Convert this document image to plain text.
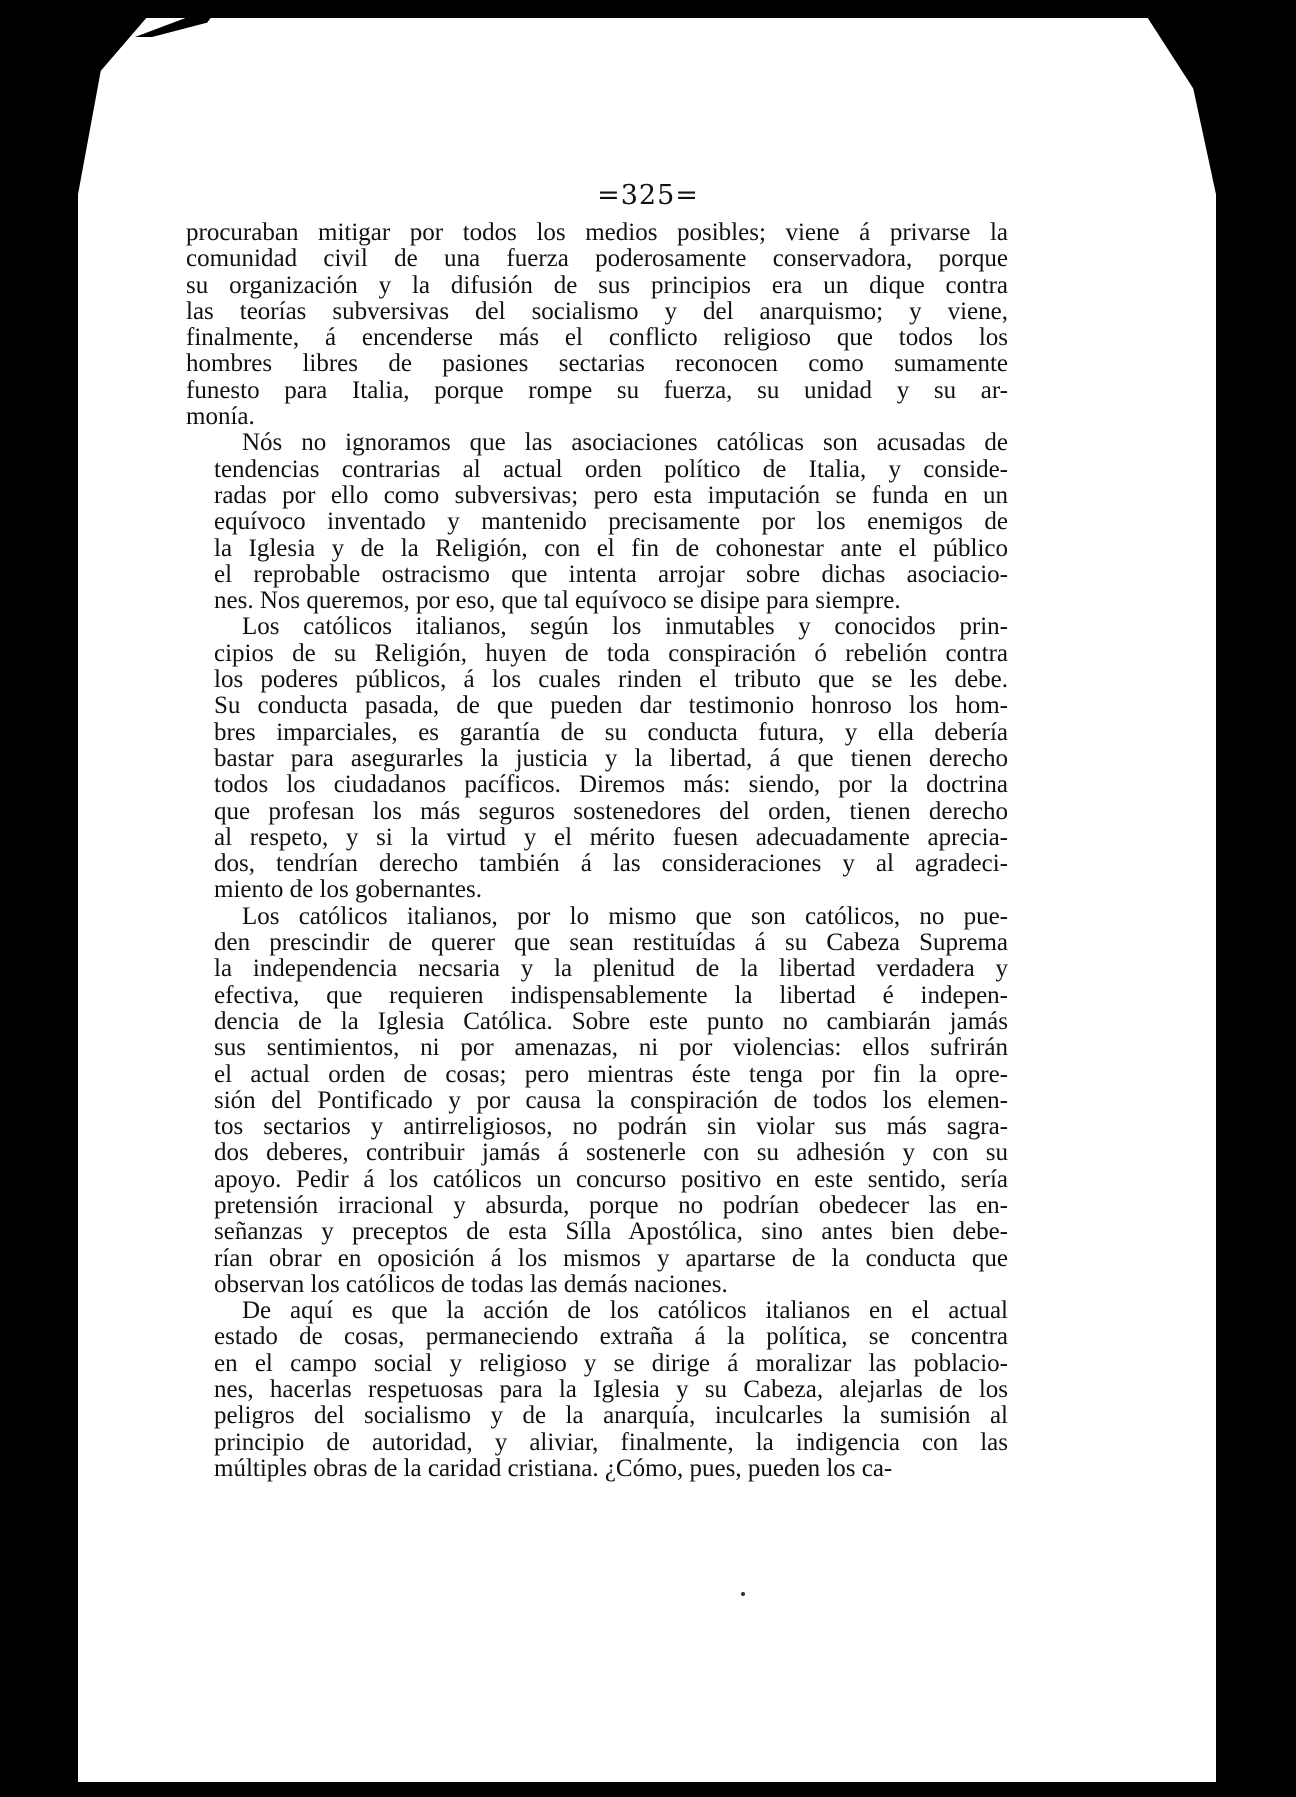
=325=

procuraban mitigar por todos los medios posibles; viene á privarse la
comunidad civil de una fuerza poderosamente conservadora, porque
su organización y la difusión de sus principios era un dique contra
las teorías subversivas del socialismo y del anarquismo; y viene,
finalmente, á encenderse más el conflicto religioso que todos los
hombres libres de pasiones sectarias reconocen como sumamente
funesto para Italia, porque rompe su fuerza, su unidad y su ar-
monía.

Nós no ignoramos que las asociaciones católicas son acusadas de
tendencias contrarias al actual orden político de Italia, y conside-
radas por ello como subversivas; pero esta imputación se funda en un
equívoco inventado y mantenido precisamente por los enemigos de
la Iglesia y de la Religión, con el fin de cohonestar ante el público
el reprobable ostracismo que intenta arrojar sobre dichas asociacio-
nes. Nos queremos, por eso, que tal equívoco se disipe para siempre.

Los católicos italianos, según los inmutables y conocidos prin-
cipios de su Religión, huyen de toda conspiración ó rebelión contra
los poderes públicos, á los cuales rinden el tributo que se les debe.
Su conducta pasada, de que pueden dar testimonio honroso los hom-
bres imparciales, es garantía de su conducta futura, y ella debería
bastar para asegurarles la justicia y la libertad, á que tienen derecho
todos los ciudadanos pacíficos. Diremos más: siendo, por la doctrina
que profesan los más seguros sostenedores del orden, tienen derecho
al respeto, y si la virtud y el mérito fuesen adecuadamente aprecia-
dos, tendrían derecho también á las consideraciones y al agradeci-
miento de los gobernantes.

Los católicos italianos, por lo mismo que son católicos, no pue-
den prescindir de querer que sean restituídas á su Cabeza Suprema
la independencia necsaria y la plenitud de la libertad verdadera y
efectiva, que requieren indispensablemente la libertad é indepen-
dencia de la Iglesia Católica. Sobre este punto no cambiarán jamás
sus sentimientos, ni por amenazas, ni por violencias: ellos sufrirán
el actual orden de cosas; pero mientras éste tenga por fin la opre-
sión del Pontificado y por causa la conspiración de todos los elemen-
tos sectarios y antirreligiosos, no podrán sin violar sus más sagra-
dos deberes, contribuir jamás á sostenerle con su adhesión y con su
apoyo. Pedir á los católicos un concurso positivo en este sentido, sería
pretensión irracional y absurda, porque no podrían obedecer las en-
señanzas y preceptos de esta Sílla Apostólica, sino antes bien debe-
rían obrar en oposición á los mismos y apartarse de la conducta que
observan los católicos de todas las demás naciones.

De aquí es que la acción de los católicos italianos en el actual
estado de cosas, permaneciendo extraña á la política, se concentra
en el campo social y religioso y se dirige á moralizar las poblacio-
nes, hacerlas respetuosas para la Iglesia y su Cabeza, alejarlas de los
peligros del socialismo y de la anarquía, inculcarles la sumisión al
principio de autoridad, y aliviar, finalmente, la indigencia con las
múltiples obras de la caridad cristiana. ¿Cómo, pues, pueden los ca-
